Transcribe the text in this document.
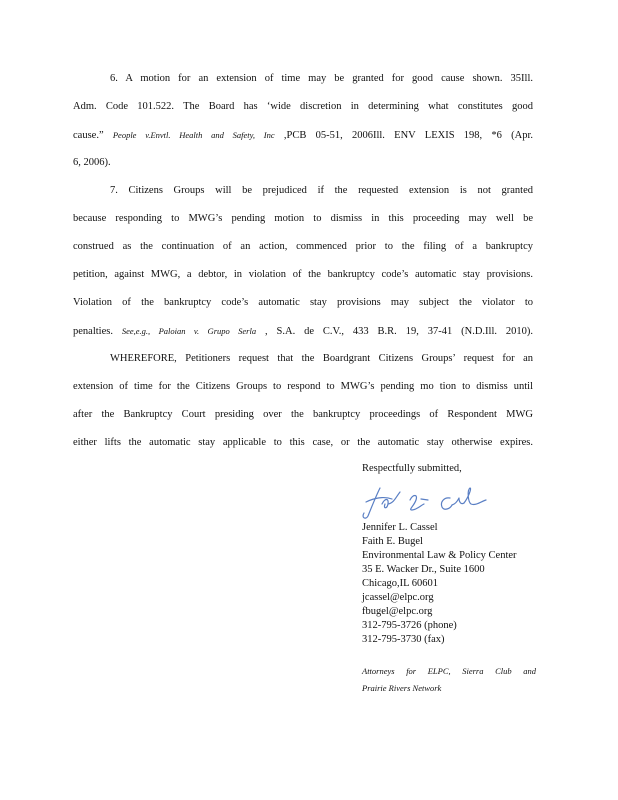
6. A motion for an extension of time may be granted for good cause shown. 35Ill.
Adm. Code 101.522. The Board has ‘wide discretion in determining what constitutes good
cause.” People v.Envtl. Health and Safety, Inc ,PCB 05-51, 2006Ill. ENV LEXIS 198, *6 (Apr.
6, 2006).
7. Citizens Groups will be prejudiced if the requested extension is not granted
because responding to MWG’s pending motion to dismiss in this proceeding may well be
construed as the continuation of an action, commenced prior to the filing of a bankruptcy
petition, against MWG, a debtor, in violation of the bankruptcy code’s automatic stay provisions.
Violation of the bankruptcy code’s automatic stay provisions may subject the violator to
penalties. See,e.g., Paloian v. Grupo Serla , S.A. de C.V., 433 B.R. 19, 37-41 (N.D.Ill. 2010).
WHEREFORE, Petitioners request that the Boardgrant Citizens Groups’ request for an
extension of time for the Citizens Groups to respond to MWG’s pending mo tion to dismiss until
after the Bankruptcy Court presiding over the bankruptcy proceedings of Respondent MWG
either lifts the automatic stay applicable to this case, or the automatic stay otherwise expires.
Respectfully submitted,
Jennifer L. Cassel
Faith E. Bugel
Environmental Law & Policy Center
35 E. Wacker Dr., Suite 1600
Chicago,IL 60601
jcassel@elpc.org
fbugel@elpc.org
312-795-3726 (phone)
312-795-3730 (fax)
Attorneys for ELPC, Sierra Club and
Prairie Rivers Network
